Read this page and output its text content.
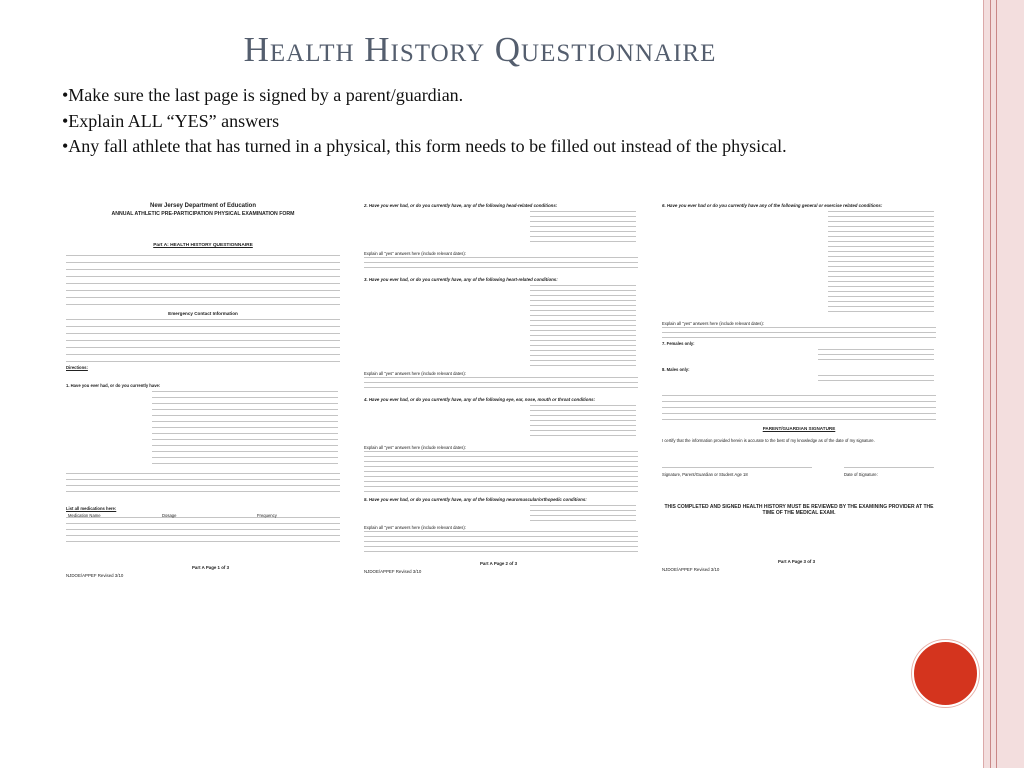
Health History Questionnaire
•Make sure the last page is signed by a parent/guardian.
•Explain ALL “YES” answers
•Any fall athlete that has turned in a physical, this form needs to be filled out instead of the physical.
New Jersey Department of Education
ANNUAL ATHLETIC PRE-PARTICIPATION PHYSICAL EXAMINATION FORM
Part A: HEALTH HISTORY QUESTIONNAIRE
Emergency Contact Information
Directions:
1. Have you ever had, or do you currently have:
List all medications here:
Medication Name	Dosage	Frequency
Part A Page 1 of 3
NJDOE/APPEF Revised 3/10
2. Have you ever had, or do you currently have, any of the following head-related conditions:
Explain all "yes" answers here (include relevant dates):
3. Have you ever had, or do you currently have, any of the following heart-related conditions:
Explain all "yes" answers here (include relevant dates):
4. Have you ever had, or do you currently have, any of the following eye, ear, nose, mouth or throat conditions:
Explain all "yes" answers here (include relevant dates):
5. Have you ever had, or do you currently have, any of the following neuromuscular/orthopedic conditions:
Explain all "yes" answers here (include relevant dates):
Part A Page 2 of 3
NJDOE/APPEF Revised 3/10
6. Have you ever had or do you currently have any of the following general or exercise related conditions:
Explain all "yes" answers here (include relevant dates):
7. Females only:
8. Males only:
PARENT/GUARDIAN SIGNATURE
I certify that the information provided herein is accurate to the best of my knowledge as of the date of my signature.
Signature, Parent/Guardian or Student Age 18	Date of Signature:
THIS COMPLETED AND SIGNED HEALTH HISTORY MUST BE REVIEWED BY THE EXAMINING PROVIDER AT THE TIME OF THE MEDICAL EXAM.
Part A Page 3 of 3
NJDOE/APPEF Revised 3/10
